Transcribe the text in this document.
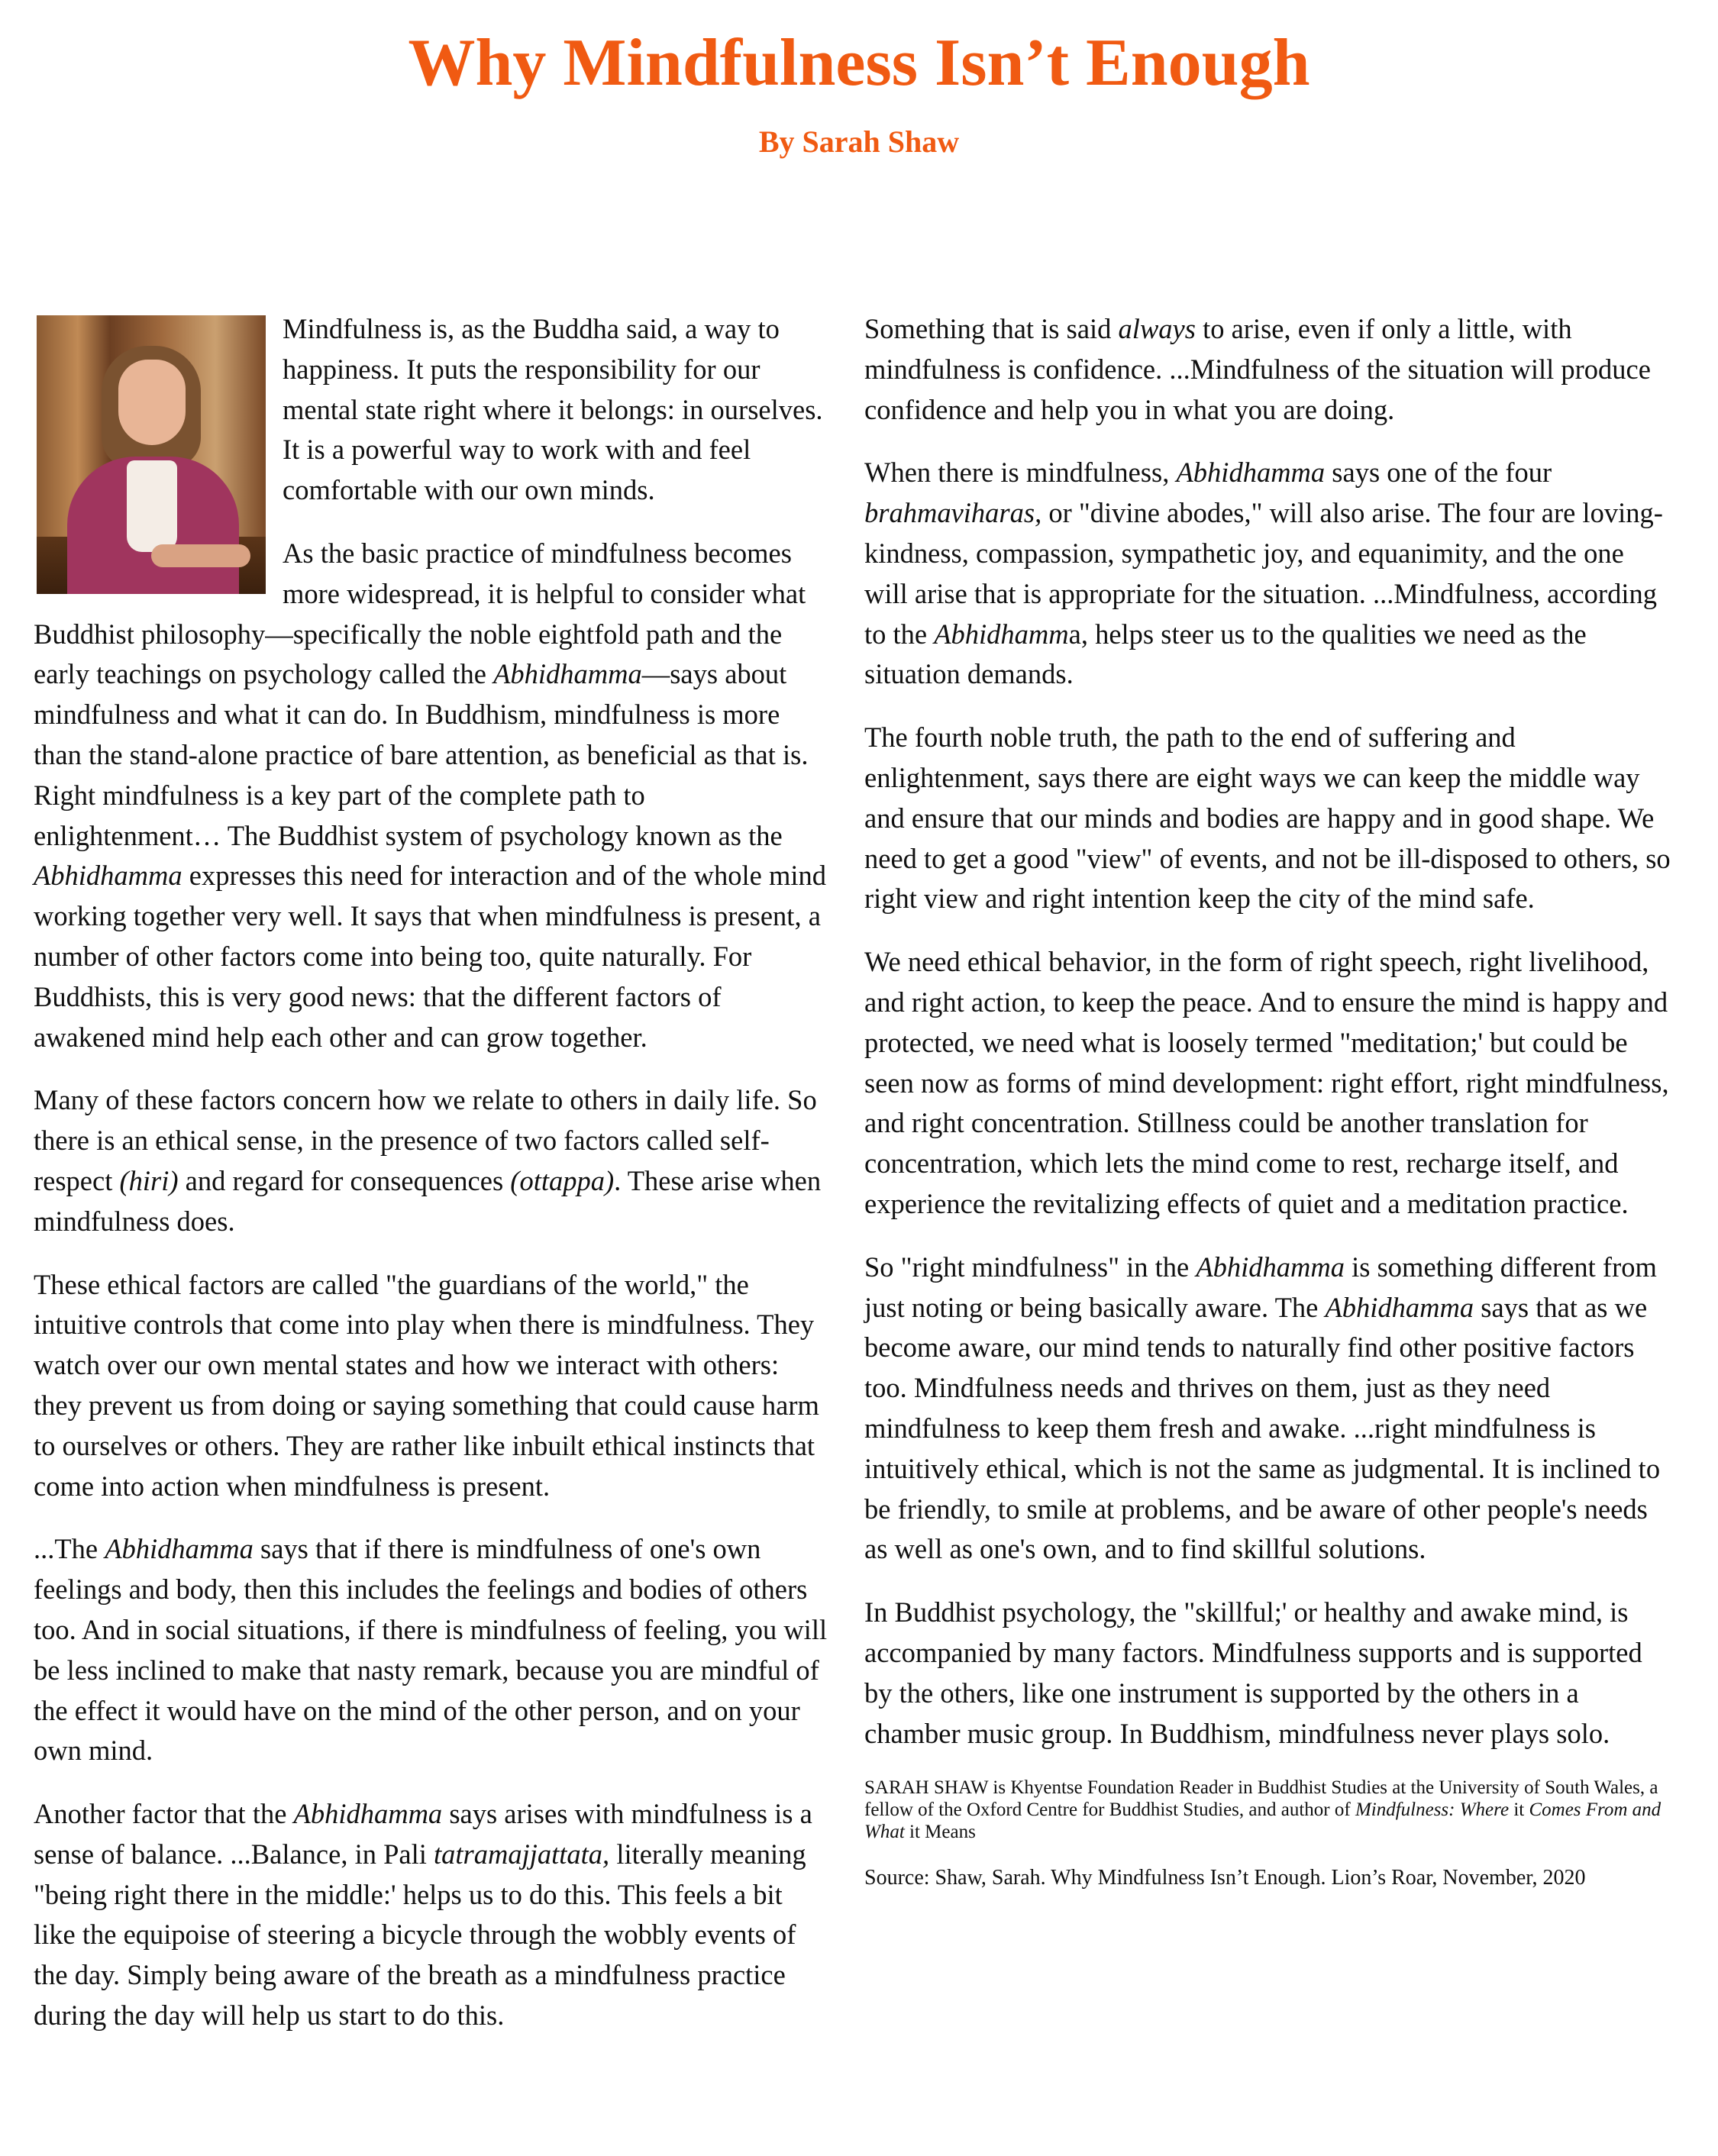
Why Mindfulness Isn’t Enough
By Sarah Shaw

Mindfulness is, as the Buddha said, a way to happiness. It puts the responsibility for our mental state right where it belongs: in ourselves. It is a powerful way to work with and feel comfortable with our own minds.

As the basic practice of mindfulness becomes more widespread, it is helpful to consider what Buddhist philosophy—specifically the noble eightfold path and the early teachings on psychology called the Abhidhamma—says about mindfulness and what it can do. In Buddhism, mindfulness is more than the stand-alone practice of bare attention, as beneficial as that is. Right mindfulness is a key part of the complete path to enlightenment… The Buddhist system of psychology known as the Abhidhamma expresses this need for interaction and of the whole mind working together very well. It says that when mindfulness is present, a number of other factors come into being too, quite naturally. For Buddhists, this is very good news: that the different factors of awakened mind help each other and can grow together.

Many of these factors concern how we relate to others in daily life. So there is an ethical sense, in the presence of two factors called self-respect (hiri) and regard for consequences (ottappa). These arise when mindfulness does.

These ethical factors are called "the guardians of the world," the intuitive controls that come into play when there is mindfulness. They watch over our own mental states and how we interact with others: they prevent us from doing or saying something that could cause harm to ourselves or others. They are rather like inbuilt ethical instincts that come into action when mindfulness is present.

...The Abhidhamma says that if there is mindfulness of one's own feelings and body, then this includes the feelings and bodies of others too. And in social situations, if there is mindfulness of feeling, you will be less inclined to make that nasty remark, because you are mindful of the effect it would have on the mind of the other person, and on your own mind.

Another factor that the Abhidhamma says arises with mindfulness is a sense of balance. ...Balance, in Pali tatramajjattata, literally meaning "being right there in the middle:' helps us to do this. This feels a bit like the equipoise of steering a bicycle through the wobbly events of the day. Simply being aware of the breath as a mindfulness practice during the day will help us start to do this.

Something that is said always to arise, even if only a little, with mindfulness is confidence. ...Mindfulness of the situation will produce confidence and help you in what you are doing.

When there is mindfulness, Abhidhamma says one of the four brahmaviharas, or "divine abodes," will also arise. The four are loving-kindness, compassion, sympathetic joy, and equanimity, and the one will arise that is appropriate for the situation. ...Mindfulness, according to the Abhidhamma, helps steer us to the qualities we need as the situation demands.

The fourth noble truth, the path to the end of suffering and enlightenment, says there are eight ways we can keep the middle way and ensure that our minds and bodies are happy and in good shape. We need to get a good "view" of events, and not be ill-disposed to others, so right view and right intention keep the city of the mind safe.

We need ethical behavior, in the form of right speech, right livelihood, and right action, to keep the peace. And to ensure the mind is happy and protected, we need what is loosely termed "meditation;' but could be seen now as forms of mind development: right effort, right mindfulness, and right concentration. Stillness could be another translation for concentration, which lets the mind come to rest, recharge itself, and experience the revitalizing effects of quiet and a meditation practice.

So "right mindfulness" in the Abhidhamma is something different from just noting or being basically aware. The Abhidhamma says that as we become aware, our mind tends to naturally find other positive factors too. Mindfulness needs and thrives on them, just as they need mindfulness to keep them fresh and awake. ...right mindfulness is intuitively ethical, which is not the same as judgmental. It is inclined to be friendly, to smile at problems, and be aware of other people's needs as well as one's own, and to find skillful solutions.

In Buddhist psychology, the "skillful;' or healthy and awake mind, is accompanied by many factors. Mindfulness supports and is supported by the others, like one instrument is supported by the others in a chamber music group. In Buddhism, mindfulness never plays solo.

SARAH SHAW is Khyentse Foundation Reader in Buddhist Studies at the University of South Wales, a fellow of the Oxford Centre for Buddhist Studies, and author of Mindfulness: Where it Comes From and What it Means

Source: Shaw, Sarah. Why Mindfulness Isn’t Enough. Lion’s Roar, November, 2020
